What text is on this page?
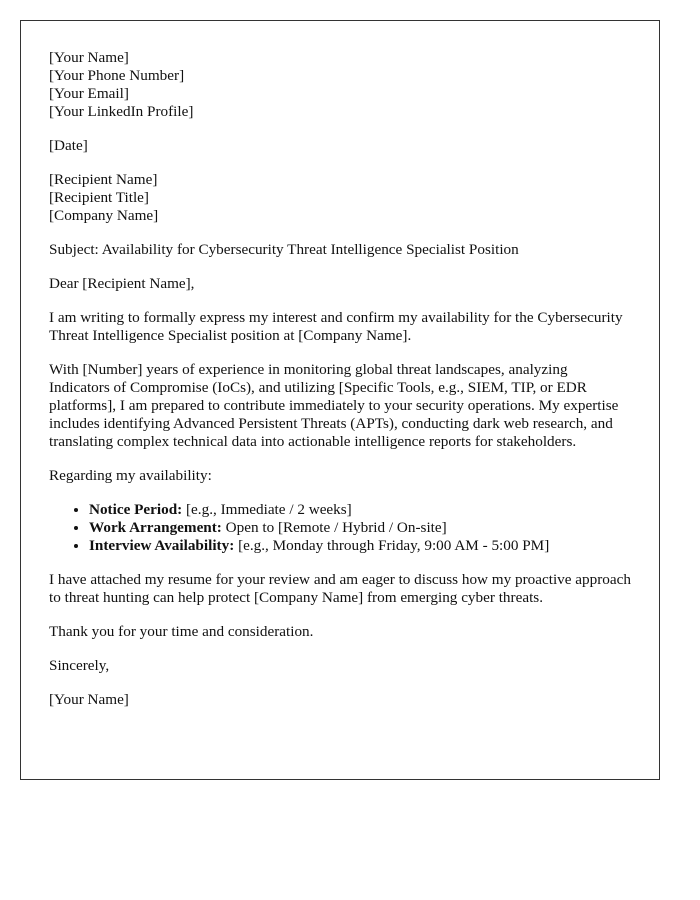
[Your Name]

[Your Phone Number]

[Your Email]

[Your LinkedIn Profile]

[Date]

[Recipient Name]

[Recipient Title]

[Company Name]

Subject: Availability for Cybersecurity Threat Intelligence Specialist Position

Dear [Recipient Name],

I am writing to formally express my interest and confirm my availability for the Cybersecurity Threat Intelligence Specialist position at [Company Name].

With [Number] years of experience in monitoring global threat landscapes, analyzing Indicators of Compromise (IoCs), and utilizing [Specific Tools, e.g., SIEM, TIP, or EDR platforms], I am prepared to contribute immediately to your security operations. My expertise includes identifying Advanced Persistent Threats (APTs), conducting dark web research, and translating complex technical data into actionable intelligence reports for stakeholders.

Regarding my availability:

• Notice Period: [e.g., Immediate / 2 weeks]
• Work Arrangement: Open to [Remote / Hybrid / On-site]
• Interview Availability: [e.g., Monday through Friday, 9:00 AM - 5:00 PM]

I have attached my resume for your review and am eager to discuss how my proactive approach to threat hunting can help protect [Company Name] from emerging cyber threats.

Thank you for your time and consideration.

Sincerely,

[Your Name]
